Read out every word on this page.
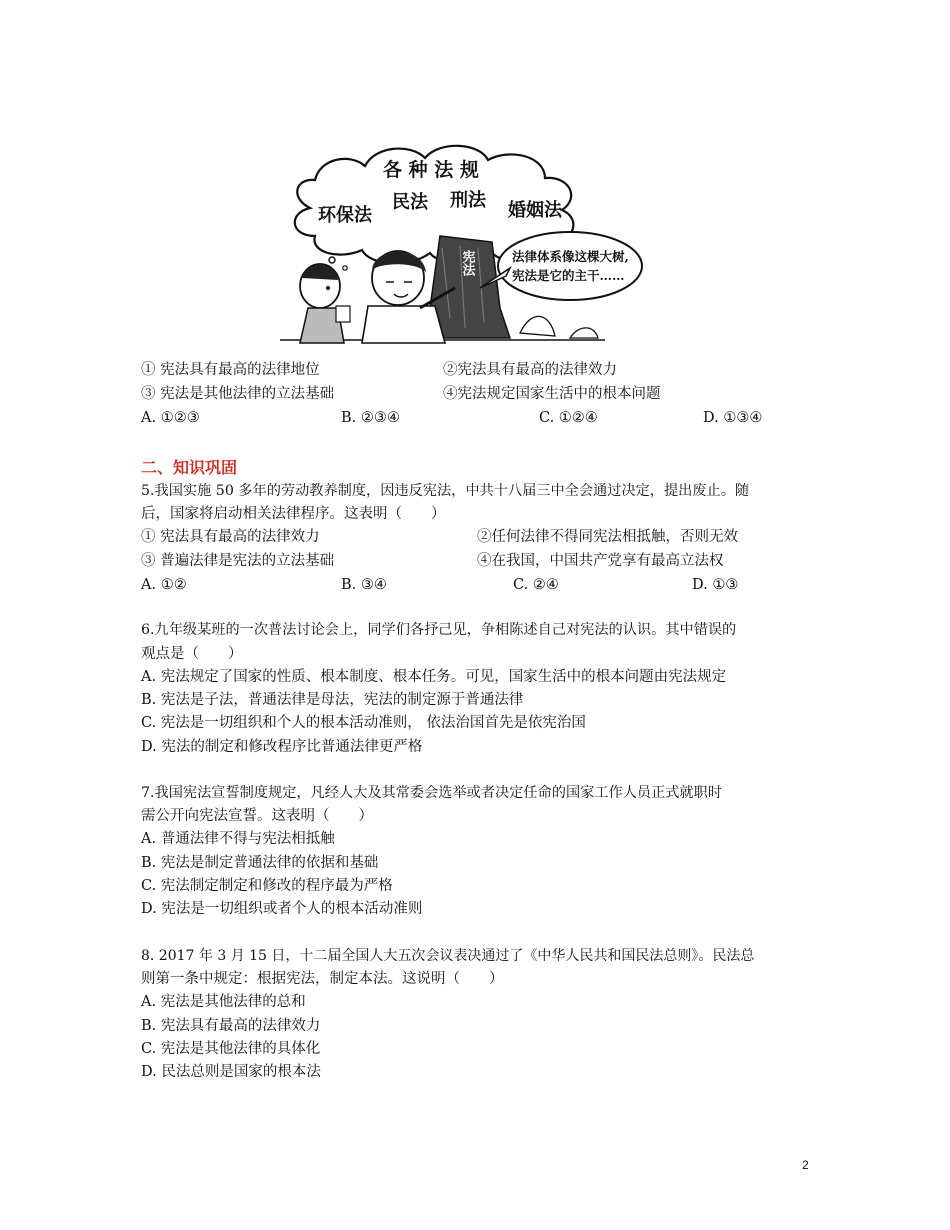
各 种 法 规
环保法
民法 刑法 婚姻法
宪法	法律体系像这棵大树,
宪法是它的主干……
① 宪法具有最高的法律地位	②宪法具有最高的法律效力
③ 宪法是其他法律的立法基础	④宪法规定国家生活中的根本问题
A. ①②③	B. ②③④	C. ①②④	D. ①③④
二、知识巩固
5.我国实施 50 多年的劳动教养制度，因违反宪法，中共十八届三中全会通过决定，提出废止。随
后，国家将启动相关法律程序。这表明（　　）
① 宪法具有最高的法律效力	②任何法律不得同宪法相抵触，否则无效
③ 普遍法律是宪法的立法基础	④在我国，中国共产党享有最高立法权
A. ①②	B. ③④	C. ②④	D. ①③
6.九年级某班的一次普法讨论会上，同学们各抒己见，争相陈述自己对宪法的认识。其中错误的
观点是（　　）
A. 宪法规定了国家的性质、根本制度、根本任务。可见，国家生活中的根本问题由宪法规定
B. 宪法是子法，普通法律是母法，宪法的制定源于普通法律
C. 宪法是一切组织和个人的根本活动准则， 依法治国首先是依宪治国
D. 宪法的制定和修改程序比普通法律更严格
7.我国宪法宣誓制度规定，凡经人大及其常委会选举或者决定任命的国家工作人员正式就职时
需公开向宪法宣誓。这表明（　　）
A. 普通法律不得与宪法相抵触
B. 宪法是制定普通法律的依据和基础
C. 宪法制定制定和修改的程序最为严格
D. 宪法是一切组织或者个人的根本活动准则
8. 2017 年 3 月 15 日，十二届全国人大五次会议表决通过了《中华人民共和国民法总则》。民法总
则第一条中规定：根据宪法，制定本法。这说明（　　）
A. 宪法是其他法律的总和
B. 宪法具有最高的法律效力
C. 宪法是其他法律的具体化
D. 民法总则是国家的根本法
2
